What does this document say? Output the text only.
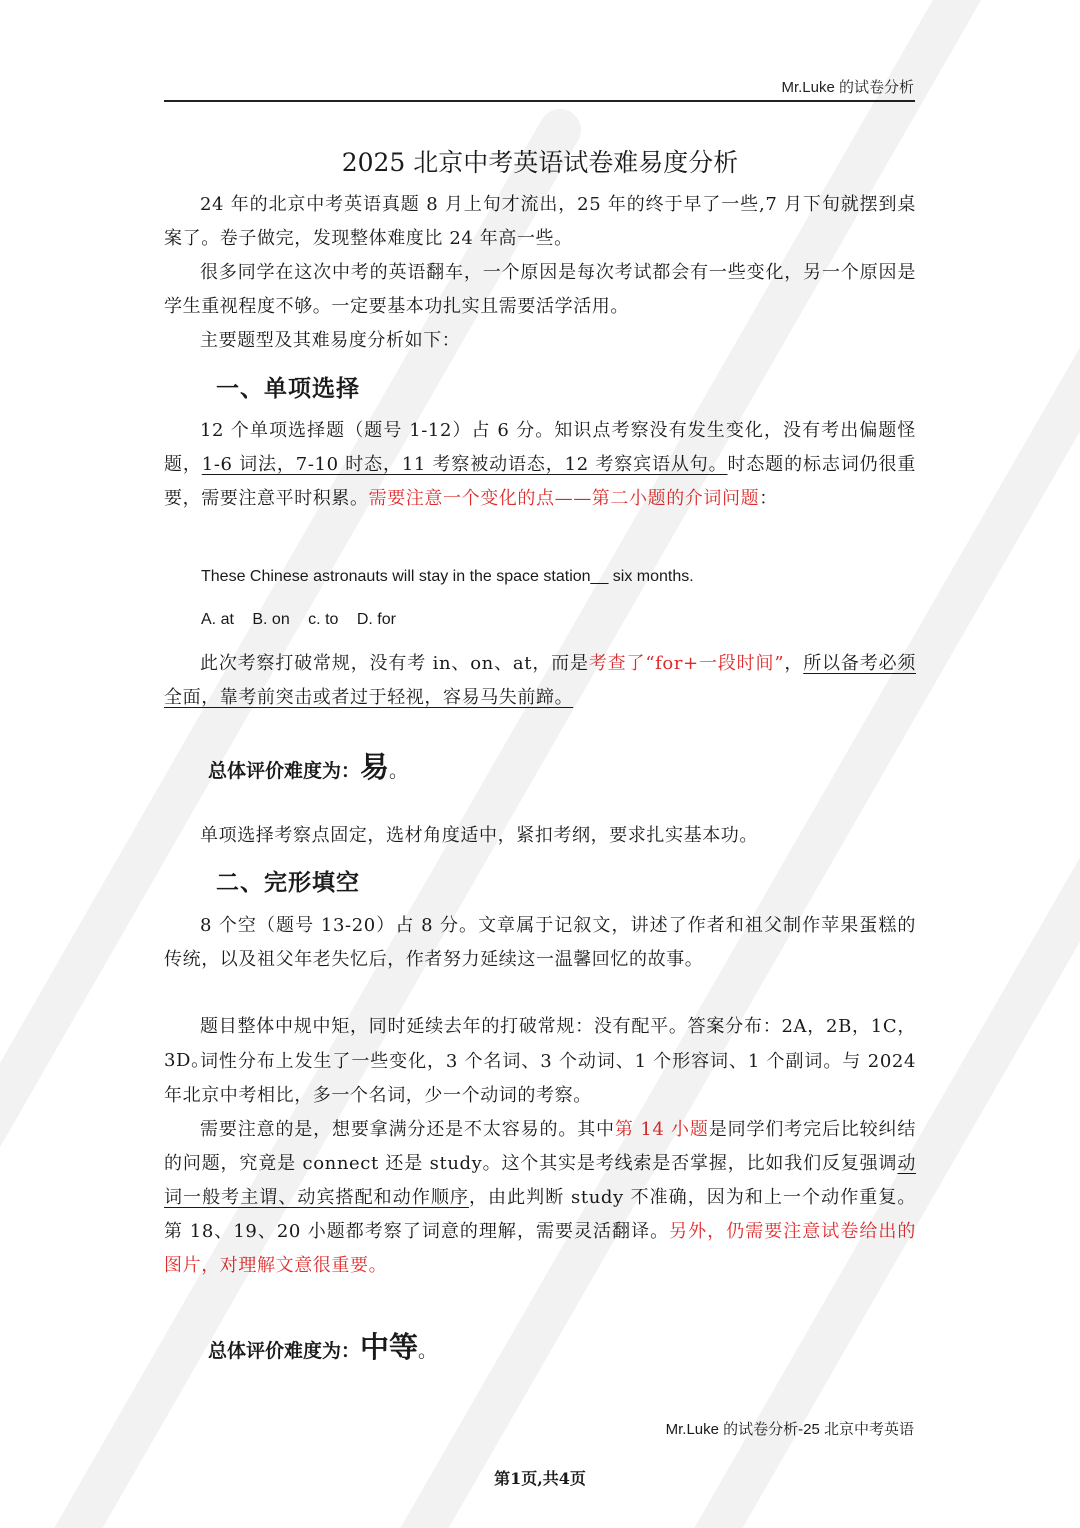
Mr.Luke 的试卷分析
2025 北京中考英语试卷难易度分析

24 年的北京中考英语真题 8 月上旬才流出，25 年的终于早了一些,7 月下旬就摆到桌案了。卷子做完，发现整体难度比 24 年高一些。

很多同学在这次中考的英语翻车，一个原因是每次考试都会有一些变化，另一个原因是学生重视程度不够。一定要基本功扎实且需要活学活用。

主要题型及其难易度分析如下：

一、单项选择

12 个单项选择题（题号 1-12）占 6 分。知识点考察没有发生变化，没有考出偏题怪题，1-6 词法，7-10 时态，11 考察被动语态，12 考察宾语从句。时态题的标志词仍很重要，需要注意平时积累。需要注意一个变化的点——第二小题的介词问题：

These Chinese astronauts will stay in the space station__ six months.
A. at B. on c. to D. for

此次考察打破常规，没有考 in、on、at，而是考查了“for+一段时间”，所以备考必须全面，靠考前突击或者过于轻视，容易马失前蹄。

总体评价难度为：易。

单项选择考察点固定，选材角度适中，紧扣考纲，要求扎实基本功。

二、完形填空

8 个空（题号 13-20）占 8 分。文章属于记叙文，讲述了作者和祖父制作苹果蛋糕的传统，以及祖父年老失忆后，作者努力延续这一温馨回忆的故事。

题目整体中规中矩，同时延续去年的打破常规：没有配平。答案分布：2A，2B，1C，3D。

词性分布上发生了一些变化，3 个名词、3 个动词、1 个形容词、1 个副词。与 2024 年北京中考相比，多一个名词，少一个动词的考察。

需要注意的是，想要拿满分还是不太容易的。其中第 14 小题是同学们考完后比较纠结的问题，究竟是 connect 还是 study。这个其实是考线索是否掌握，比如我们反复强调动词一般考主谓、动宾搭配和动作顺序，由此判断 study 不准确，因为和上一个动作重复。第 18、19、20 小题都考察了词意的理解，需要灵活翻译。另外，仍需要注意试卷给出的图片，对理解文意很重要。

总体评价难度为：中等。
Mr.Luke 的试卷分析-25 北京中考英语
第1页,共4页
